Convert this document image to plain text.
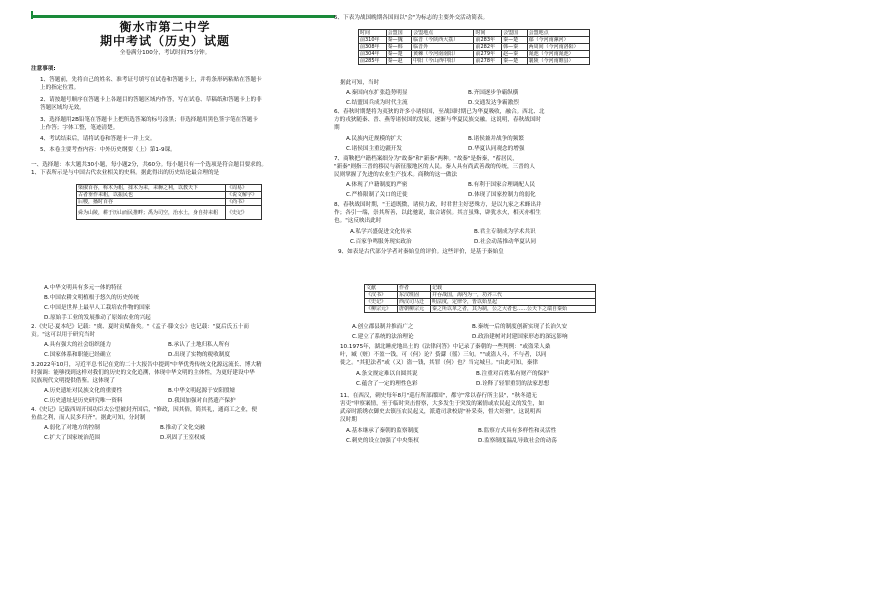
衡水市第二中学
期中考试（历史）试题
全卷满分100分，考试时间75分钟。
注意事项:
1、答题前，先将自己的姓名、准考证号填写在试卷和答题卡上，并将条形码粘贴在答题卡
上的指定位置。
2、请按题号顺序在答题卡上各题目的答题区域内作答，写在试卷、草稿纸和答题卡上的非
答题区域均无效。
3、选择题用2B铅笔在答题卡上把所选答案的标号涂黑；非选择题用黑色签字笔在答题卡
上作答；字体工整，笔迹清楚。
4、考试结束后，请将试卷和答题卡一并上交。
5、本卷主要考查内容：中外历史纲要（上）第1-9课。
一、选择题：本大题共30小题，每小题2分，共60分。每小题只有一个选项是符合题目要求的。
1、下表所示是与中国古代农业相关的史料。据此得出的历史结论最合理的是
梁俶百谷，称木为耜，揉木为耒，耒耨之利，以教天下	《周易》
古者垂作耒耜，以振民也	《说文解字》
后稷，播时百谷	《尚书》
舜为山陵，耕于历山而民推畔；禹为司空，治水土，身自持耒耜	《史记》
A.中华文明具有多元一体的特征
B.中国农耕文明植根于悠久的历史传统
C.中国是世界上最早人工栽培农作物的国家
D.原始手工业的发展推动了原始农业的兴起
2.《史记·夏本纪》记载："虞、夏时贡赋备矣。"《孟子·滕文公》也记载："夏后氏五十而
贡。"这可以用于研究当时
A.具有强大的社会组织能力	B.承认了土地归私人所有
C.国家体系和职能已经确立	D.出现了实物的税收制度
3.2022年10月，习近平总书记在党的二十大报告中提到"中华优秀传统文化源远流长、博大精
时强调：能够找到这样对我们的历史的文化追溯，体现中华文明的主体性，为更好建设中华
民族现代文明提供借鉴。这体现了
A.历史遗址对民族文化的重要性	B.中华文明起源于安阳殷墟
C.历史遗址是历史研究唯一资料	D.我国加强对自然遗产保护
4.《史记》记载西周开国功臣太公望被封齐国后，"修政，因其俗，简其礼，通商工之业，便
鱼盐之利，而人民多归齐"。据此可知，分封制
A.弱化了对地方的控制	B.推动了文化交融
C.扩大了国家统治范围	D.巩固了王室权威
5、下表为战国晚期各国间以"会"为标志的主要外交活动简表。
时间	会盟国	会盟地点	时间	会盟国	会盟地点
前310年	秦—魏	临晋（今陕西大荔）	前283年	秦—楚	鄢（今河南漯河）
前308年	秦—韩	临晋外	前282年	韩—秦	两周间（今河南洛阳）
前304年	秦—楚	黄棘（今河南南阳）	前279年	赵—秦	渑池（今河南渑池）
前285年	秦—赵	中阳（今山西中阳）	前278年	秦—楚	襄陵（今河南睢县）
据此可知，当时
A.秦国向东扩张趋势明显	B.齐国逐步争霸纵横
C.结盟国兵成为时代主流	D.交通发达争霸激烈
6、春秋时期楚将为夷狄的许多小诸侯国，至战国时期已为华夏吸收，融合。西北、北
方的戎狄随秦、晋、燕等诸侯国的发展，逐渐与华夏民族交融。这说明，春秋战国时
期
A.民族内迁规模的扩大	B.诸侯兼并战争的频繁
C.诸侯国主重边疆开发	D.华夏认同观念的增强
7、商鞅把户籍档案细分为"故秦"和"新秦"两种。"故秦"是指秦，"蓄居民，
"新秦"则指三晋的移民与新征服地区的人民。秦人具有尚武善战的传统，三晋的人
民则掌握了先进的农业生产技术。商鞅的这一做法
A.体现了户籍制度的严密	B.有利于国家合理调配人民
C.严格限制了关口的迁徙	D.体现了国家控制力的弱化
8、春秋战国时期，"王道既微，诸侯力政，时君世主好恶殊方，是以九家之术蜂出并
作；各引一端，崇其所善，以此驰说，取合诸侯。其言虽殊，辟犹水火，相灭亦相生
也。"这反映出此时
A.私学兴盛促进文化传承	B.君主专制成为学术共识
C.百家争鸣服务现实政治	D.社会动荡推动华夏认同
9、如表是古代部分学者对秦始皇的评价。这些评价，是基于秦始皇
文献	作者	记载
《汉书》	东汉班固	并吞战国，海内为一，功齐三代
《史记》	西汉司马迁	明法度，定律令，皆以始皇起
《柳宗元》	唐朝柳宗元	秦之所以革之者，其为制，公之大者也……公天下之端自秦始
A.创立郡县制并推而广之	B.秦统一后的制度创新实现了长治久安
C.建立了系统的法治理论	D.政治建树对封建国家形态的深远影响
10.1975年，湖北睡虎地出土的《法律问答》中记录了秦朝的一些判例："或盗采人桑
叶，臧（赃）不盈一钱，可（何）论？赀繇（徭）三旬。""或盗人斗，不与者，以同
徙之。"其犯法者"或（又）盗一钱，其罪（何）也？当完城旦。"由此可知，秦律
A.条文规定难以自圆其说	B.注重对百姓私有财产的保护
C.蕴含了一定的理性色彩	D.诠释了轻罪重罚的法家思想
11、在西汉，刺史每年8月"巡行所部郡国"，都守"常以春行所主县"，"秋冬遣无
害吏"审察案情，至于临时突击督察，大多发生于突发的案情或农民起义的发生，如
武帝时派绣衣御史去镇压农民起义，派遣司隶校尉"补采奏，督大奸猾"。这说明西
汉时期
A.基本继承了秦朝的监察制度	B.监察方式具有多样性和灵活性
C.刺史的设立加强了中央集权	D.监察制度温乱导致社会的动荡
